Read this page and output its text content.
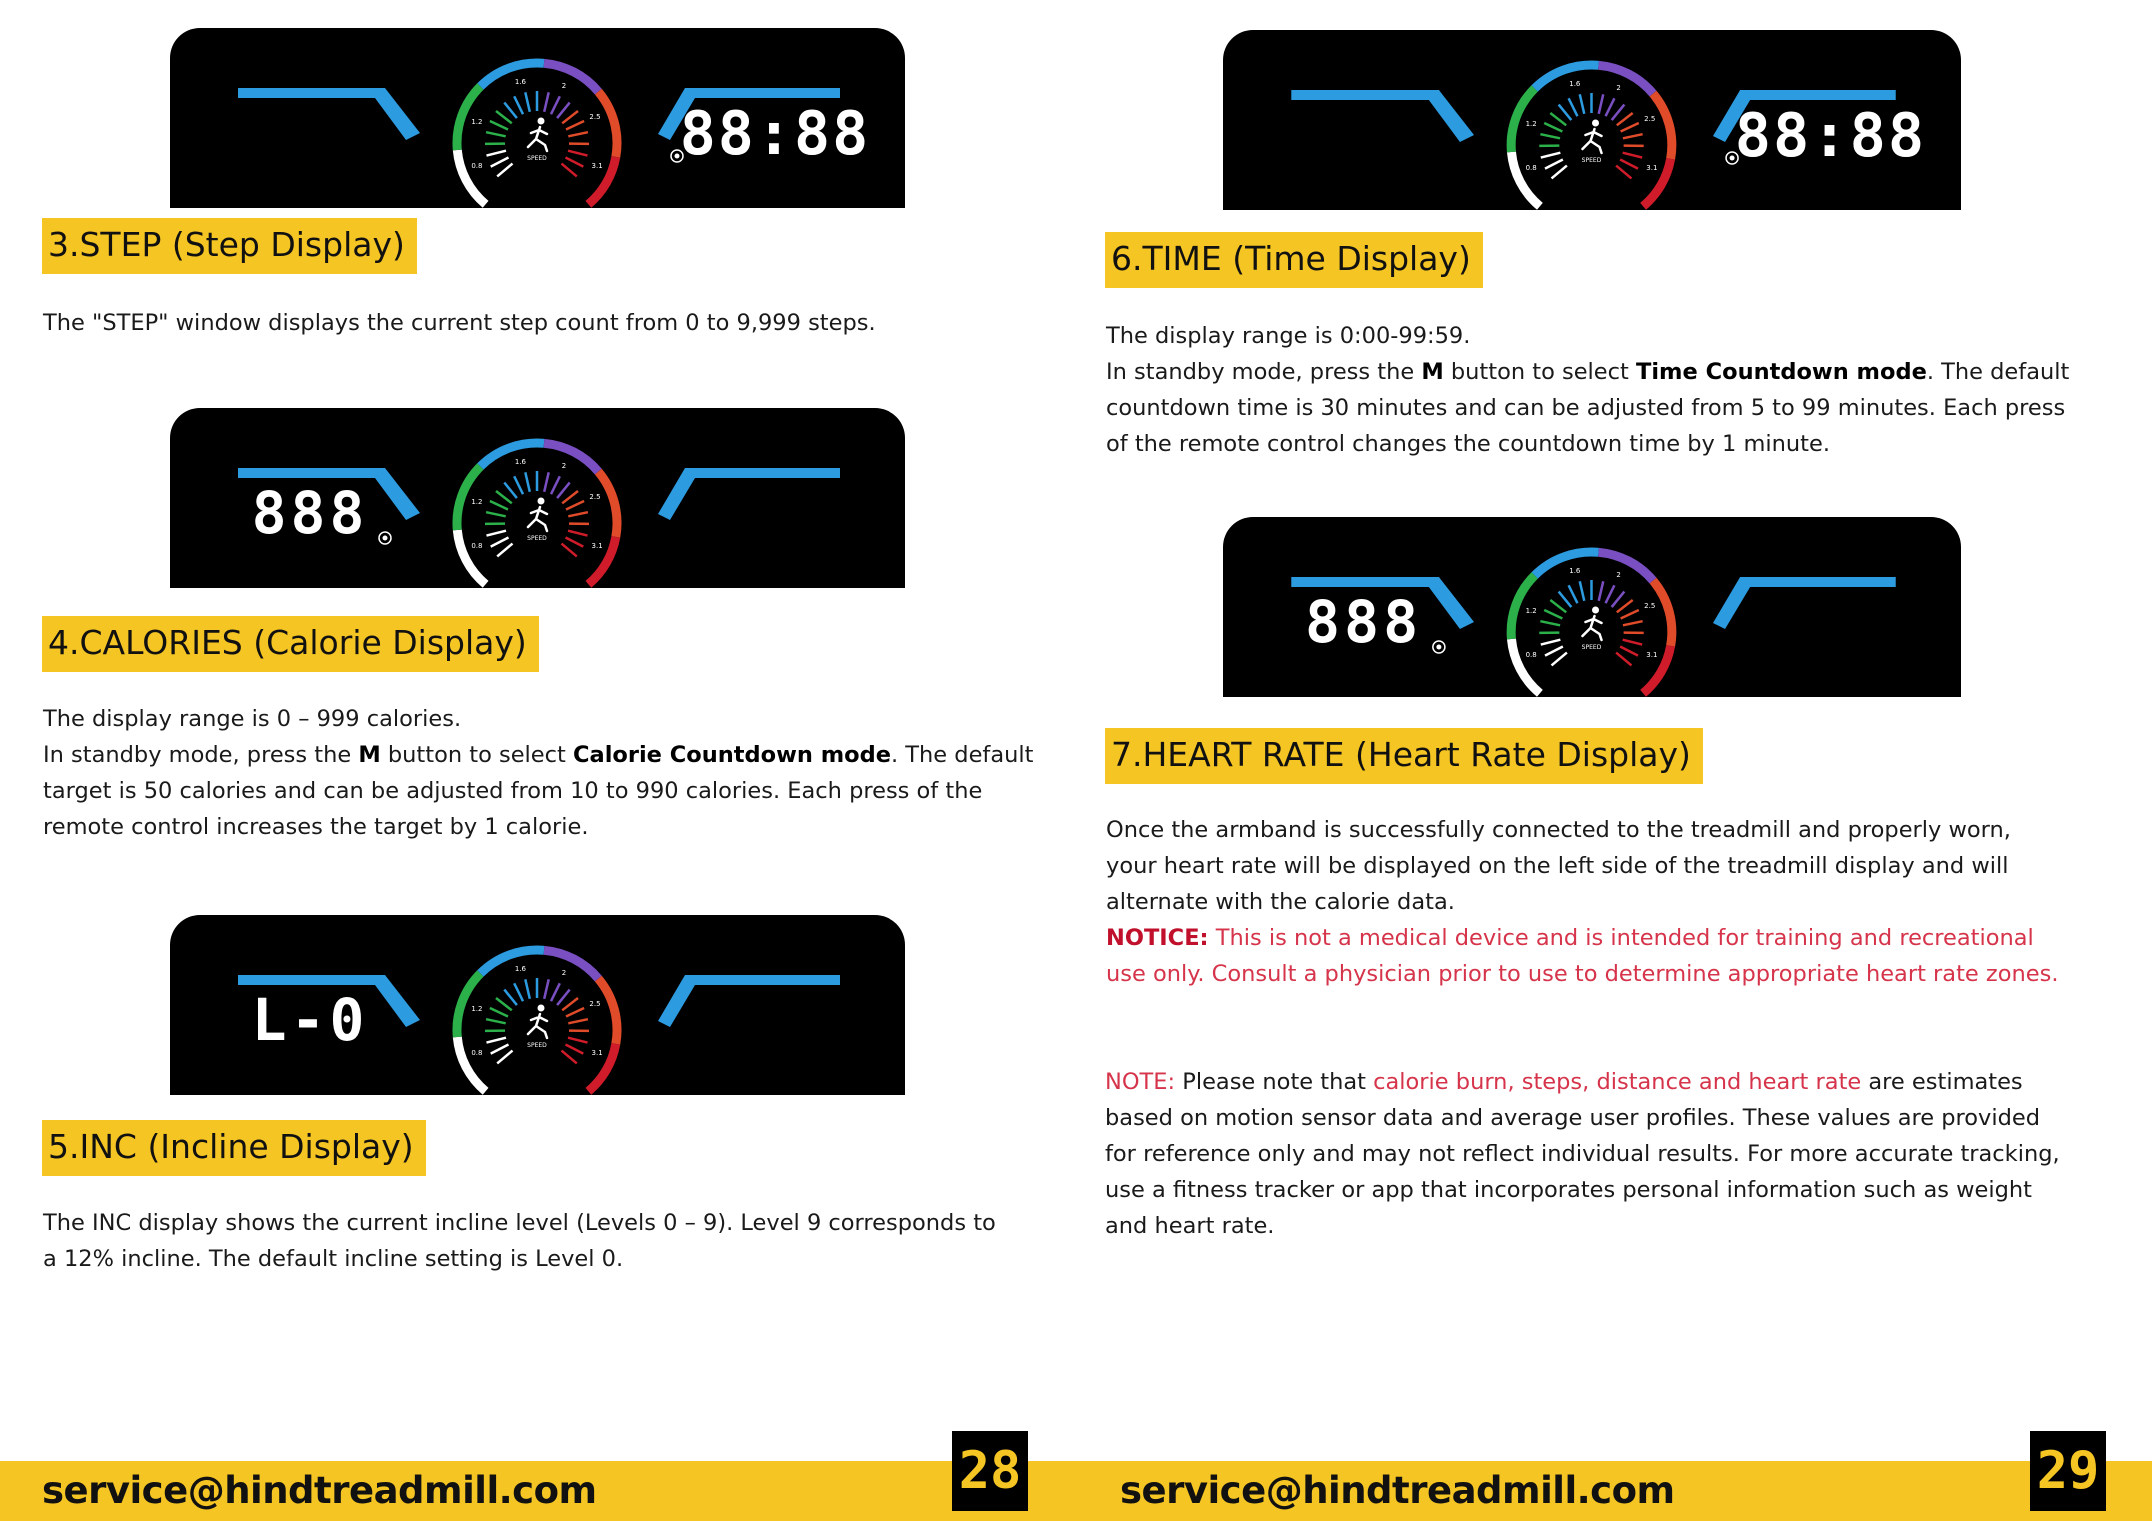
0.8
1.2
1.6	2
2.5
3.1
SPEED 88:88
3.STEP (Step Display)
The "STEP" window displays the current step count from 0 to 9,999 steps.
0.8
1.2
1.6	2
2.5
3.1
SPEED
888
4.CALORIES (Calorie Display)
The display range is 0 – 999 calories.
In standby mode, press the M button to select Calorie Countdown mode. The default
target is 50 calories and can be adjusted from 10 to 990 calories. Each press of the
remote control increases the target by 1 calorie.
0.8
1.2
1.6	2
2.5
3.1
SPEED
L-0
5.INC (Incline Display)
The INC display shows the current incline level (Levels 0 – 9). Level 9 corresponds to
a 12% incline. The default incline setting is Level 0.
0.8
1.2
1.6	2
2.5
3.1
SPEED 88:88
6.TIME (Time Display)
The display range is 0:00-99:59.
In standby mode, press the M button to select Time Countdown mode. The default
countdown time is 30 minutes and can be adjusted from 5 to 99 minutes. Each press
of the remote control changes the countdown time by 1 minute.
0.8
1.2
1.6	2
2.5
3.1
SPEED
888
7.HEART RATE (Heart Rate Display)
Once the armband is successfully connected to the treadmill and properly worn,
your heart rate will be displayed on the left side of the treadmill display and will
alternate with the calorie data.
NOTICE: This is not a medical device and is intended for training and recreational
use only. Consult a physician prior to use to determine appropriate heart rate zones.
NOTE: Please note that calorie burn, steps, distance and heart rate are estimates
based on motion sensor data and average user profiles. These values are provided
for reference only and may not reflect individual results. For more accurate tracking,
use a fitness tracker or app that incorporates personal information such as weight
and heart rate.
service@hindtreadmill.com	service@hindtreadmill.com
28	29
